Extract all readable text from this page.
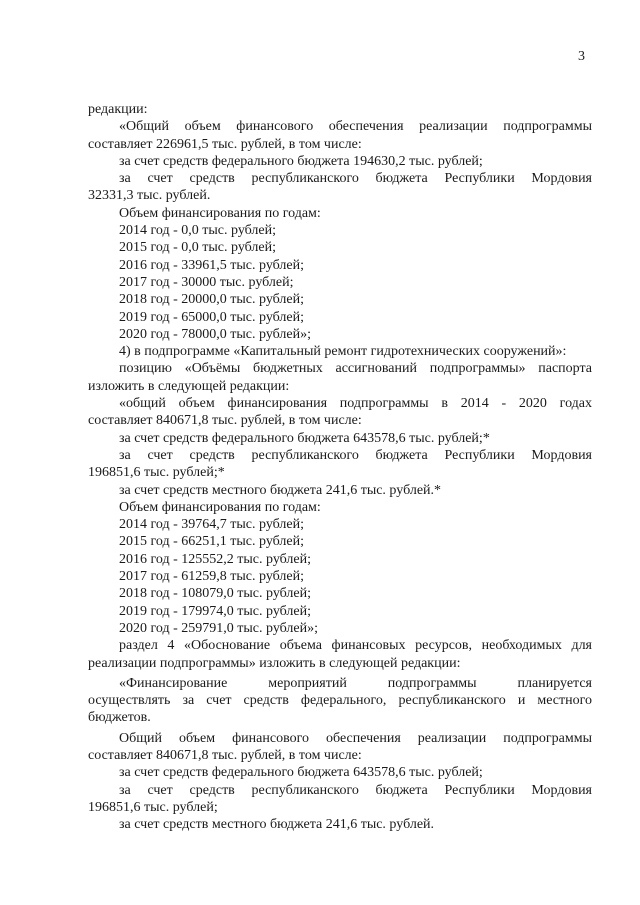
3
редакции:
«Общий объем финансового обеспечения реализации подпрограммы
составляет 226961,5 тыс. рублей, в том числе:
за счет средств федерального бюджета 194630,2 тыс. рублей;
за счет средств республиканского бюджета Республики Мордовия
32331,3 тыс. рублей.
Объем финансирования по годам:
2014 год - 0,0 тыс. рублей;
2015 год - 0,0 тыс. рублей;
2016 год - 33961,5 тыс. рублей;
2017 год - 30000 тыс. рублей;
2018 год - 20000,0 тыс. рублей;
2019 год - 65000,0 тыс. рублей;
2020 год - 78000,0 тыс. рублей»;
4) в подпрограмме «Капитальный ремонт гидротехнических сооружений»:
позицию «Объёмы бюджетных ассигнований подпрограммы» паспорта
изложить в следующей редакции:
«общий объем финансирования подпрограммы в 2014 - 2020 годах
составляет 840671,8 тыс. рублей, в том числе:
за счет средств федерального бюджета 643578,6 тыс. рублей;*
за счет средств республиканского бюджета Республики Мордовия
196851,6 тыс. рублей;*
за счет средств местного бюджета 241,6 тыс. рублей.*
Объем финансирования по годам:
2014 год - 39764,7 тыс. рублей;
2015 год - 66251,1 тыс. рублей;
2016 год - 125552,2 тыс. рублей;
2017 год - 61259,8 тыс. рублей;
2018 год - 108079,0 тыс. рублей;
2019 год - 179974,0 тыс. рублей;
2020 год - 259791,0 тыс. рублей»;
раздел 4 «Обоснование объема финансовых ресурсов, необходимых для
реализации подпрограммы» изложить в следующей редакции:
«Финансирование мероприятий подпрограммы планируется
осуществлять за счет средств федерального, республиканского и местного
бюджетов.
Общий объем финансового обеспечения реализации подпрограммы
составляет 840671,8 тыс. рублей, в том числе:
за счет средств федерального бюджета 643578,6 тыс. рублей;
за счет средств республиканского бюджета Республики Мордовия
196851,6 тыс. рублей;
за счет средств местного бюджета 241,6 тыс. рублей.
